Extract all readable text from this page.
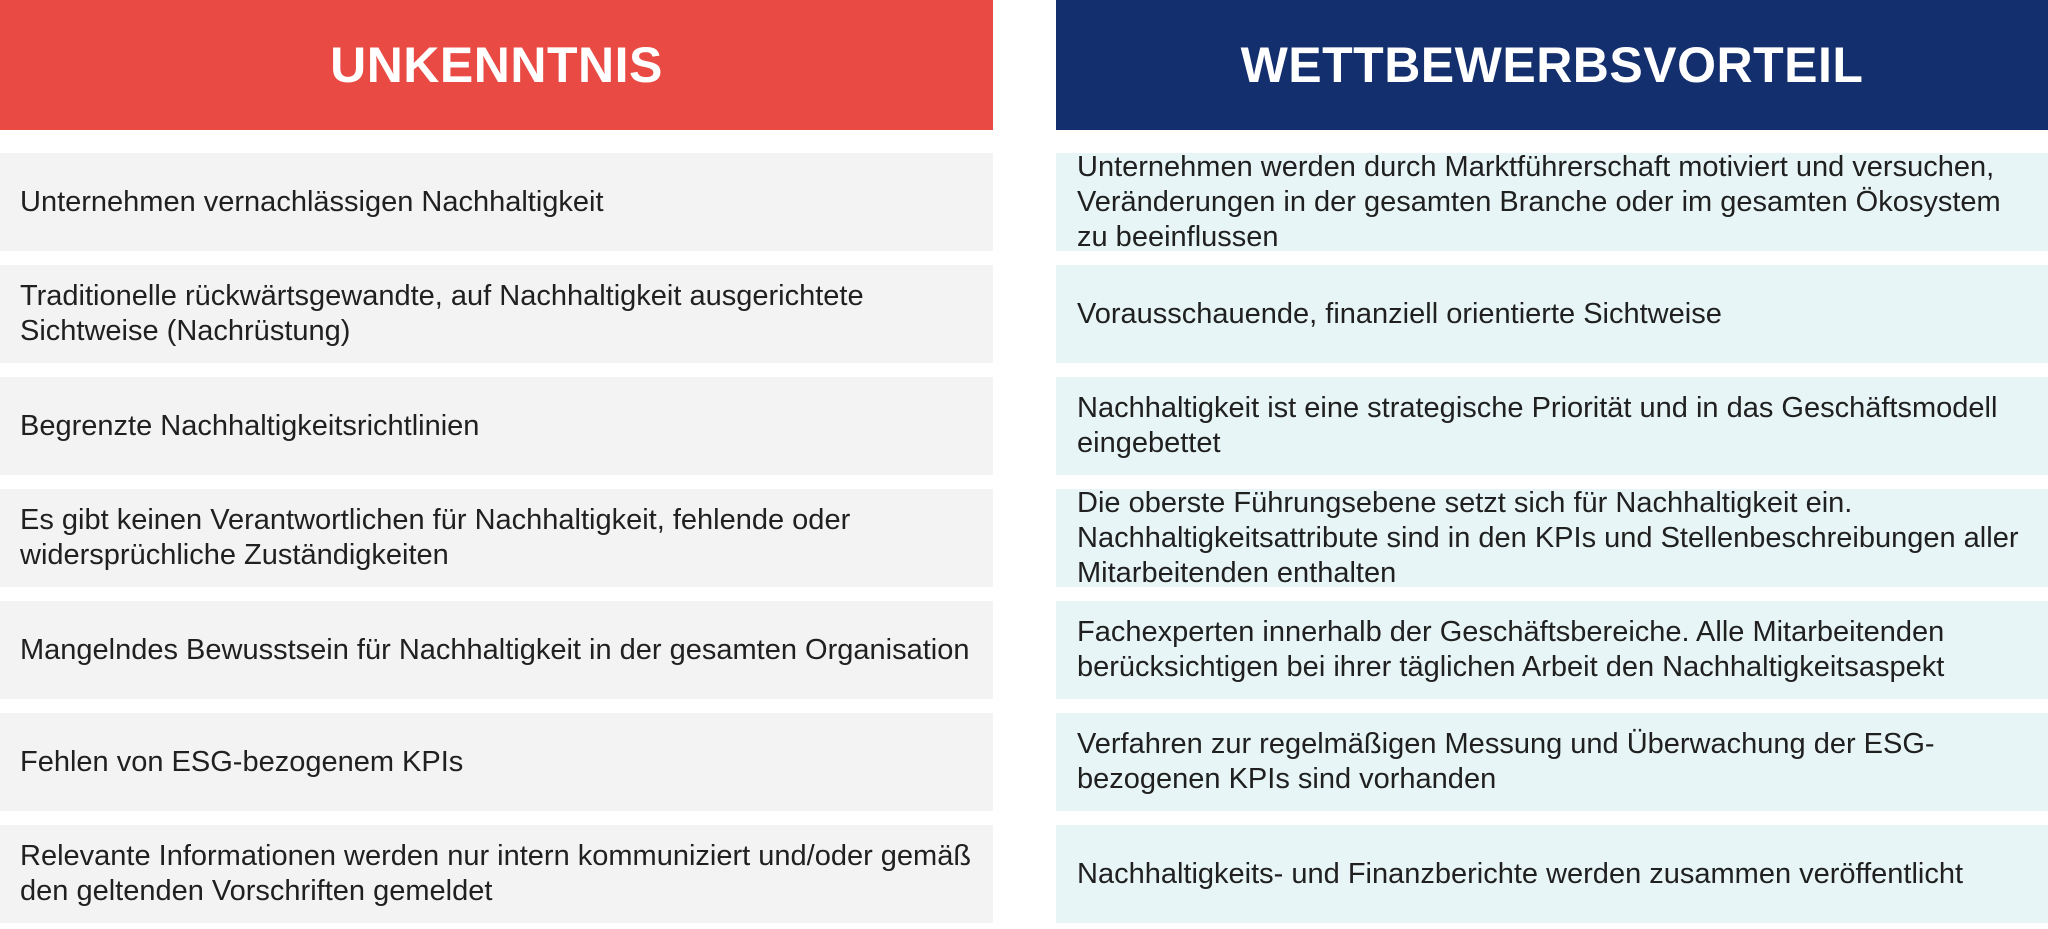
UNKENNTNIS
Unternehmen vernachlässigen Nachhaltigkeit
Traditionelle rückwärtsgewandte, auf Nachhaltigkeit ausgerichtete Sichtweise (Nachrüstung)
Begrenzte Nachhaltigkeitsrichtlinien
Es gibt keinen Verantwortlichen für Nachhaltigkeit, fehlende oder widersprüchliche Zuständigkeiten
Mangelndes Bewusstsein für Nachhaltigkeit in der gesamten Organisation
Fehlen von ESG-bezogenem KPIs
Relevante Informationen werden nur intern kommuniziert und/oder gemäß den geltenden Vorschriften gemeldet
WETTBEWERBSVORTEIL
Unternehmen werden durch Marktführerschaft motiviert und versuchen, Veränderungen in der gesamten Branche oder im gesamten Ökosystem zu beeinflussen
Vorausschauende, finanziell orientierte Sichtweise
Nachhaltigkeit ist eine strategische Priorität und in das Geschäftsmodell eingebettet
Die oberste Führungsebene setzt sich für Nachhaltigkeit ein. Nachhaltigkeitsattribute sind in den KPIs und Stellenbeschreibungen aller Mitarbeitenden enthalten
Fachexperten innerhalb der Geschäftsbereiche. Alle Mitarbeitenden berücksichtigen bei ihrer täglichen Arbeit den Nachhaltigkeitsaspekt
Verfahren zur regelmäßigen Messung und Überwachung der ESG-bezogenen KPIs sind vorhanden
Nachhaltigkeits- und Finanzberichte werden zusammen veröffentlicht
